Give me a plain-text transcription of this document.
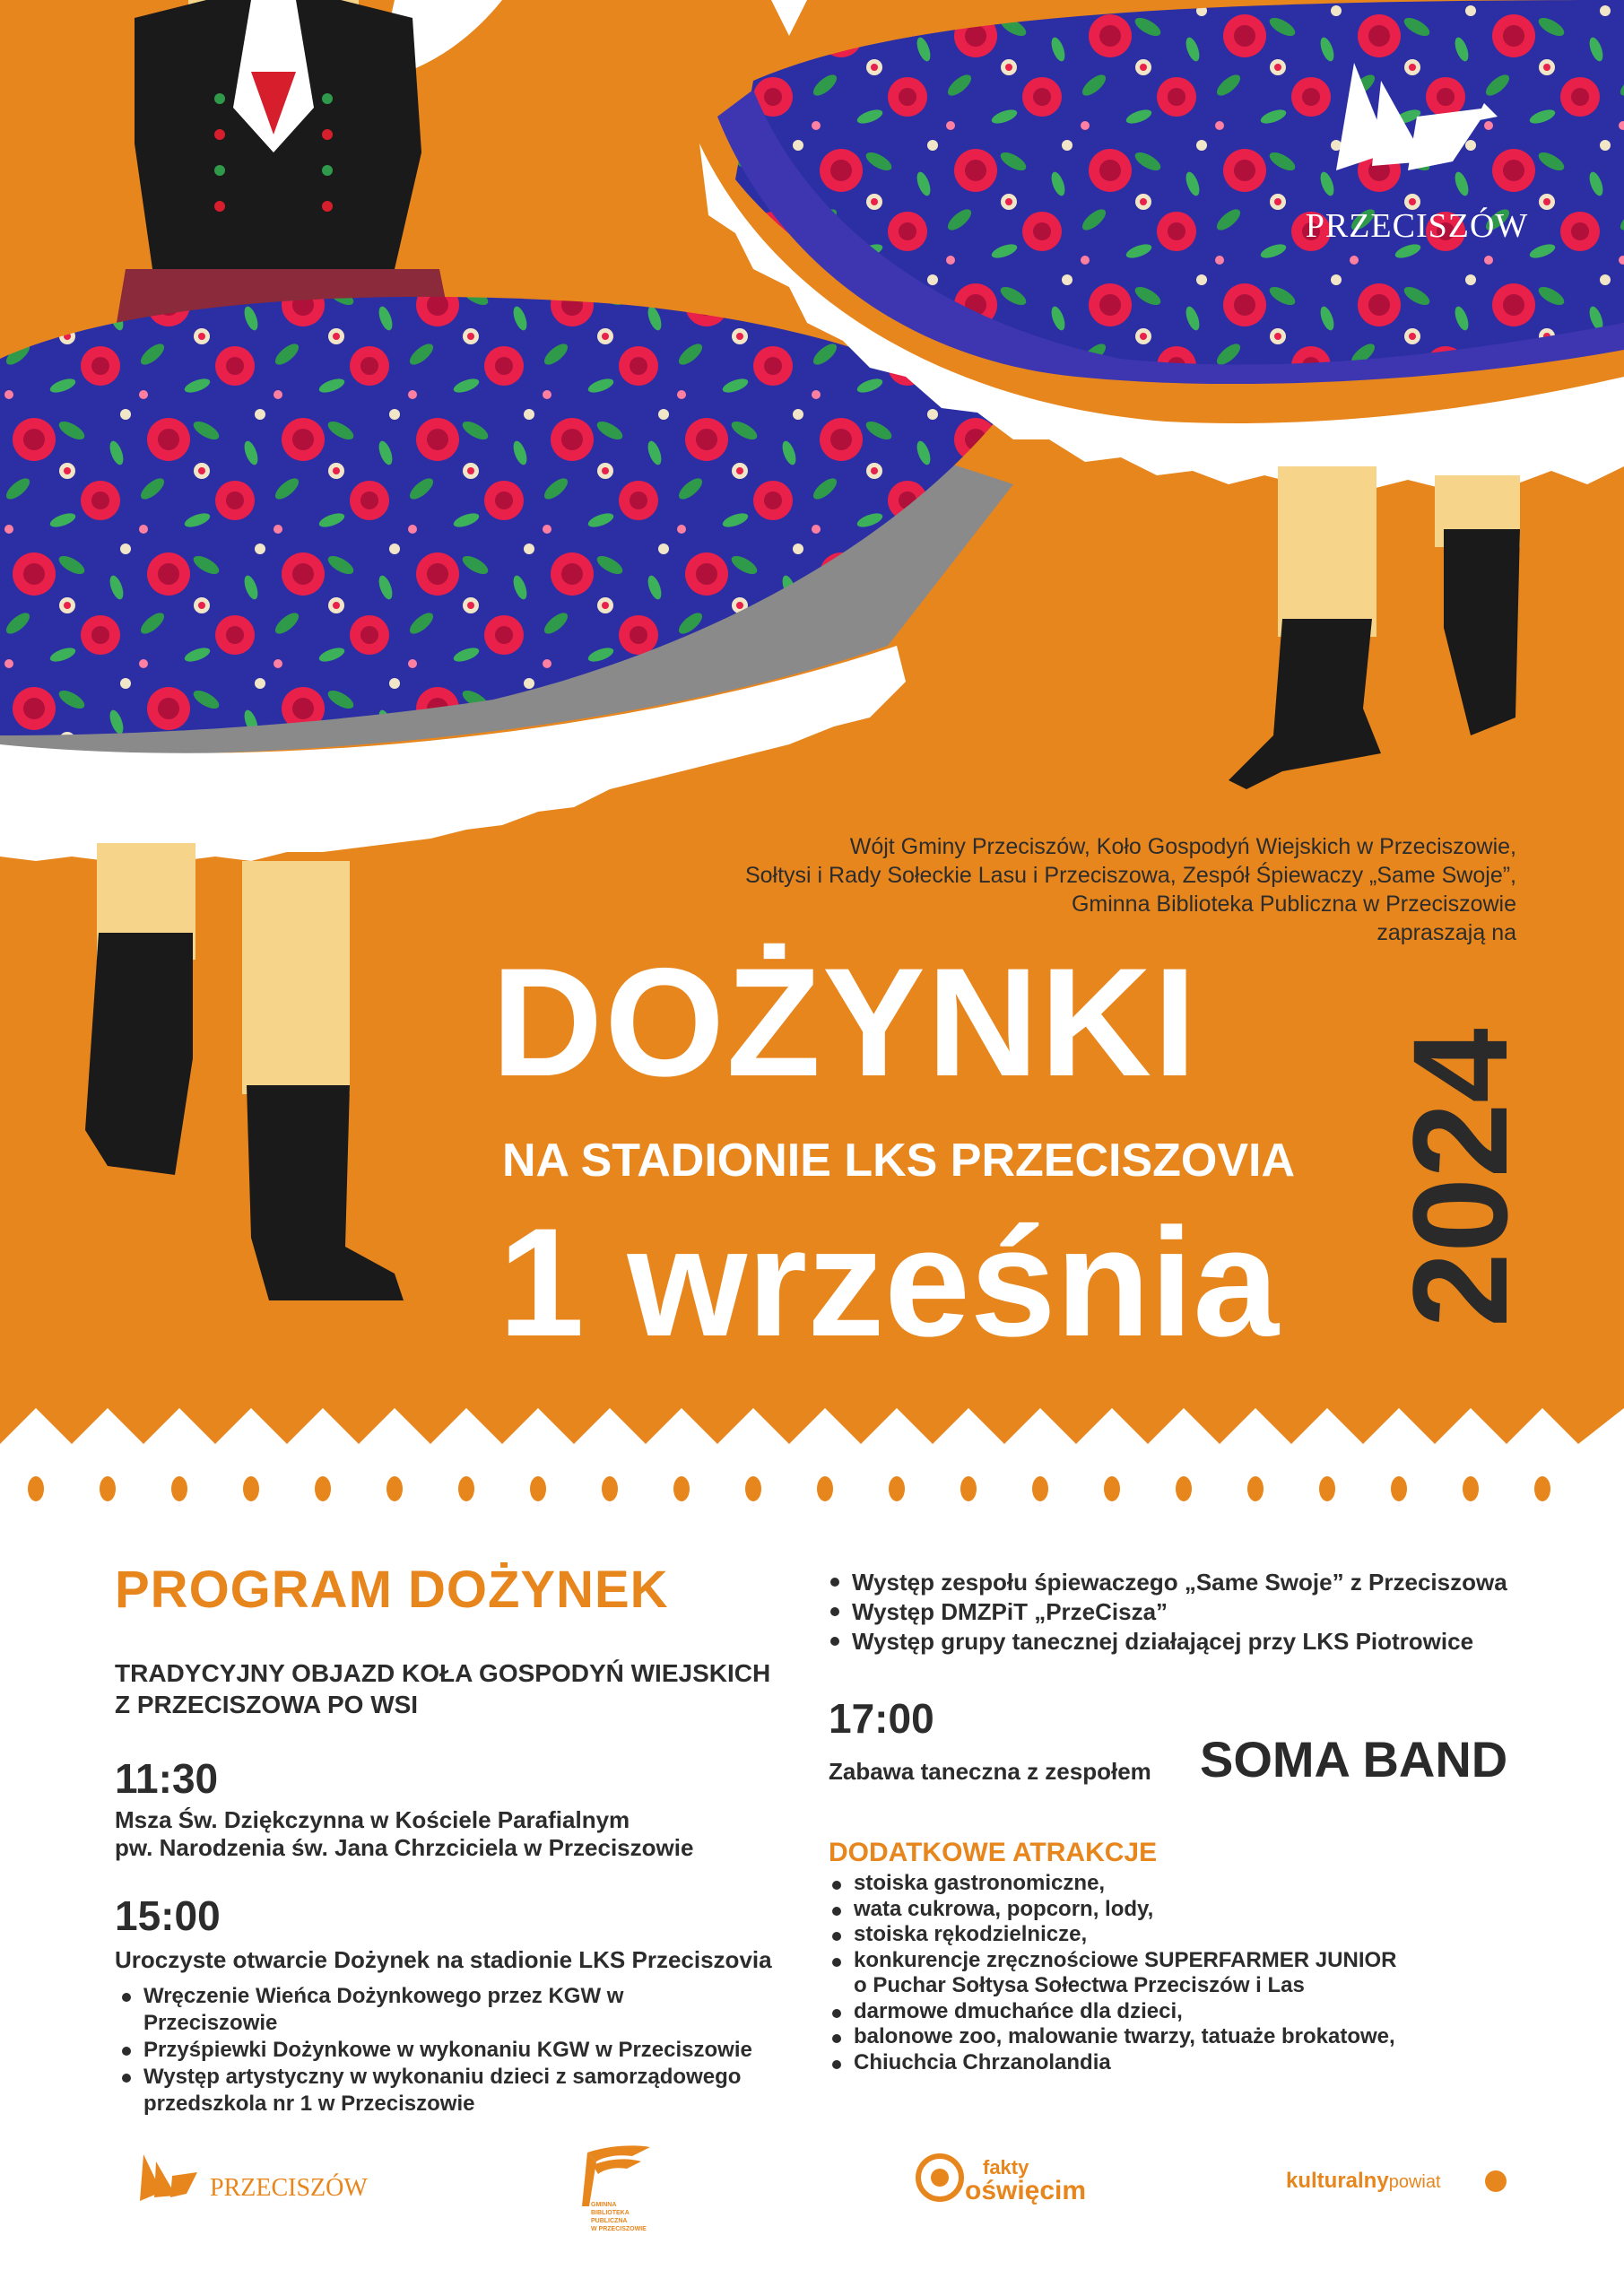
PRZECISZÓW
Wójt Gminy Przeciszów, Koło Gospodyń Wiejskich w Przeciszowie,
Sołtysi i Rady Sołeckie Lasu i Przeciszowa, Zespół Śpiewaczy „Same Swoje”,
Gminna Biblioteka Publiczna w Przeciszowie
zapraszają na
DOŻYNKI
NA STADIONIE LKS PRZECISZOVIA
1 września 2024
PROGRAM DOŻYNEK
TRADYCYJNY OBJAZD KOŁA GOSPODYŃ WIEJSKICH
Z PRZECISZOWA PO WSI
11:30
Msza Św. Dziękczynna w Kościele Parafialnym
pw. Narodzenia św. Jana Chrzciciela w Przeciszowie
15:00
Uroczyste otwarcie Dożynek na stadionie LKS Przeciszovia
Wręczenie Wieńca Dożynkowego przez KGW w Przeciszowie
Przyśpiewki Dożynkowe w wykonaniu KGW w Przeciszowie
Występ artystyczny w wykonaniu dzieci z samorządowego przedszkola nr 1 w Przeciszowie
Występ zespołu śpiewaczego „Same Swoje” z Przeciszowa
Występ DMZPiT „PrzeCisza”
Występ grupy tanecznej działającej przy LKS Piotrowice
17:00
Zabawa taneczna z zespołem SOMA BAND
DODATKOWE ATRAKCJE
stoiska gastronomiczne,
wata cukrowa, popcorn, lody,
stoiska rękodzielnicze,
konkurencje zręcznościowe SUPERFARMER JUNIOR
o Puchar Sołtysa Sołectwa Przeciszów i Las
darmowe dmuchańce dla dzieci,
balonowe zoo, malowanie twarzy, tatuaże brokatowe,
Chiuchcia Chrzanolandia
PRZECISZÓW
GMINNA
BIBLIOTEKA
PUBLICZNA
W PRZECISZOWIE
fakty
oświęcim	kulturalnypowiat
